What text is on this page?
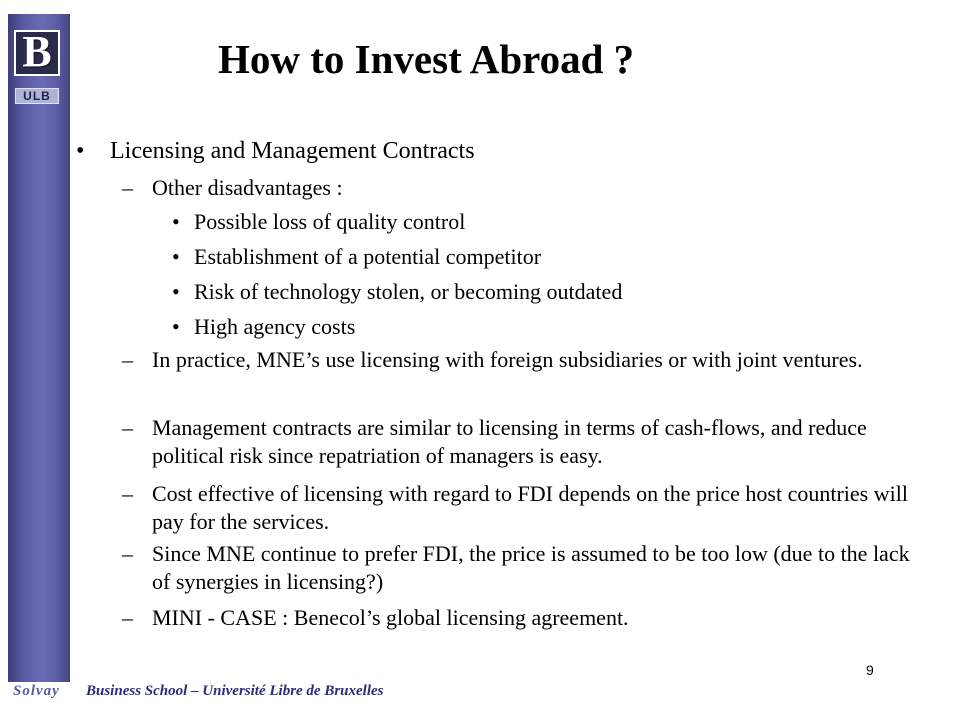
B
ULB
How to Invest Abroad ?
• Licensing and Management Contracts
– Other disadvantages :
• Possible loss of quality control
• Establishment of a potential competitor
• Risk of technology stolen, or becoming outdated
• High agency costs
– In practice, MNE’s use licensing with foreign subsidiaries or with joint ventures.
– Management contracts are similar to licensing in terms of cash-flows, and reduce political risk since repatriation of managers is easy.
– Cost effective of licensing with regard to FDI depends on the price host countries will pay for the services.
– Since MNE continue to prefer FDI, the price is assumed to be too low (due to the lack of synergies in licensing?)
– MINI - CASE : Benecol’s global licensing agreement.
9
Solvay Business School – Université Libre de Bruxelles
